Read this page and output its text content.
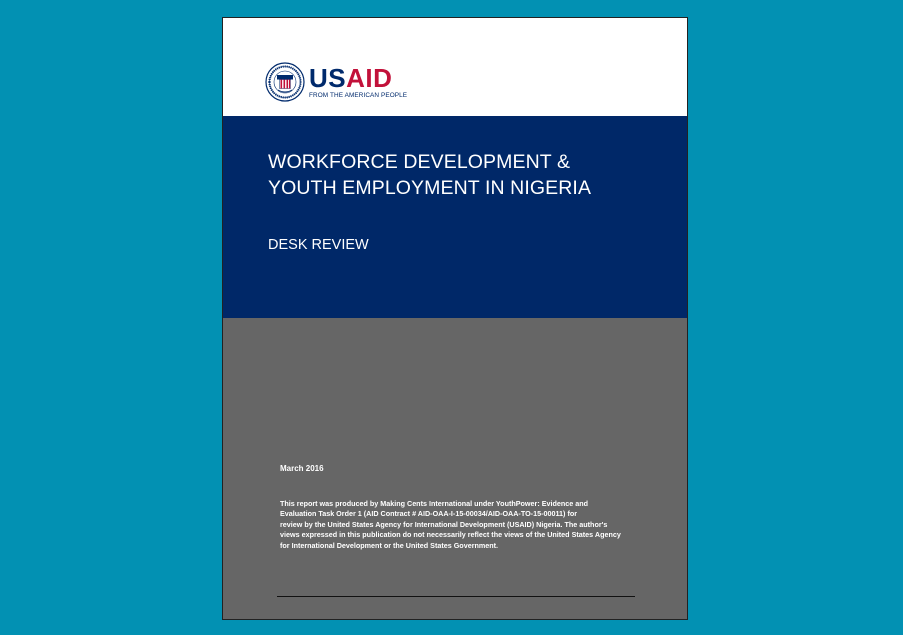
USAID
FROM THE AMERICAN PEOPLE
WORKFORCE DEVELOPMENT &
YOUTH EMPLOYMENT IN NIGERIA
DESK REVIEW
March 2016

This report was produced by Making Cents International under YouthPower: Evidence and
Evaluation Task Order 1 (AID Contract # AID-OAA-I-15-00034/AID-OAA-TO-15-00011) for
review by the United States Agency for International Development (USAID) Nigeria. The author's
views expressed in this publication do not necessarily reflect the views of the United States Agency
for International Development or the United States Government.
